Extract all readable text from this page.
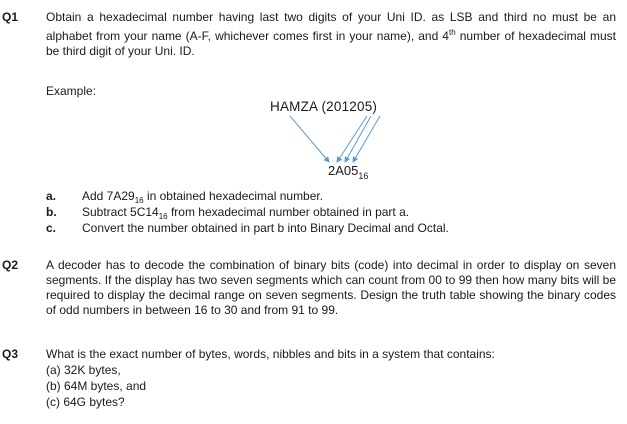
Q1 Obtain a hexadecimal number having last two digits of your Uni ID. as LSB and third no must be an alphabet from your name (A-F, whichever comes first in your name), and 4th number of hexadecimal must be third digit of your Uni. ID.

Example:
HAMZA (201205)
$2A05_{16}$
a. Add $7A29_{16}$ in obtained hexadecimal number.
b. Subtract $5C14_{16}$ from hexadecimal number obtained in part a.
c. Convert the number obtained in part b into Binary Decimal and Octal.
Q2 A decoder has to decode the combination of binary bits (code) into decimal in order to display on seven segments. If the display has two seven segments which can count from 00 to 99 then how many bits will be required to display the decimal range on seven segments. Design the truth table showing the binary codes of odd numbers in between 16 to 30 and from 91 to 99.

Q3 What is the exact number of bytes, words, nibbles and bits in a system that contains:
(a) 32K bytes,
(b) 64M bytes, and
(c) 64G bytes?
